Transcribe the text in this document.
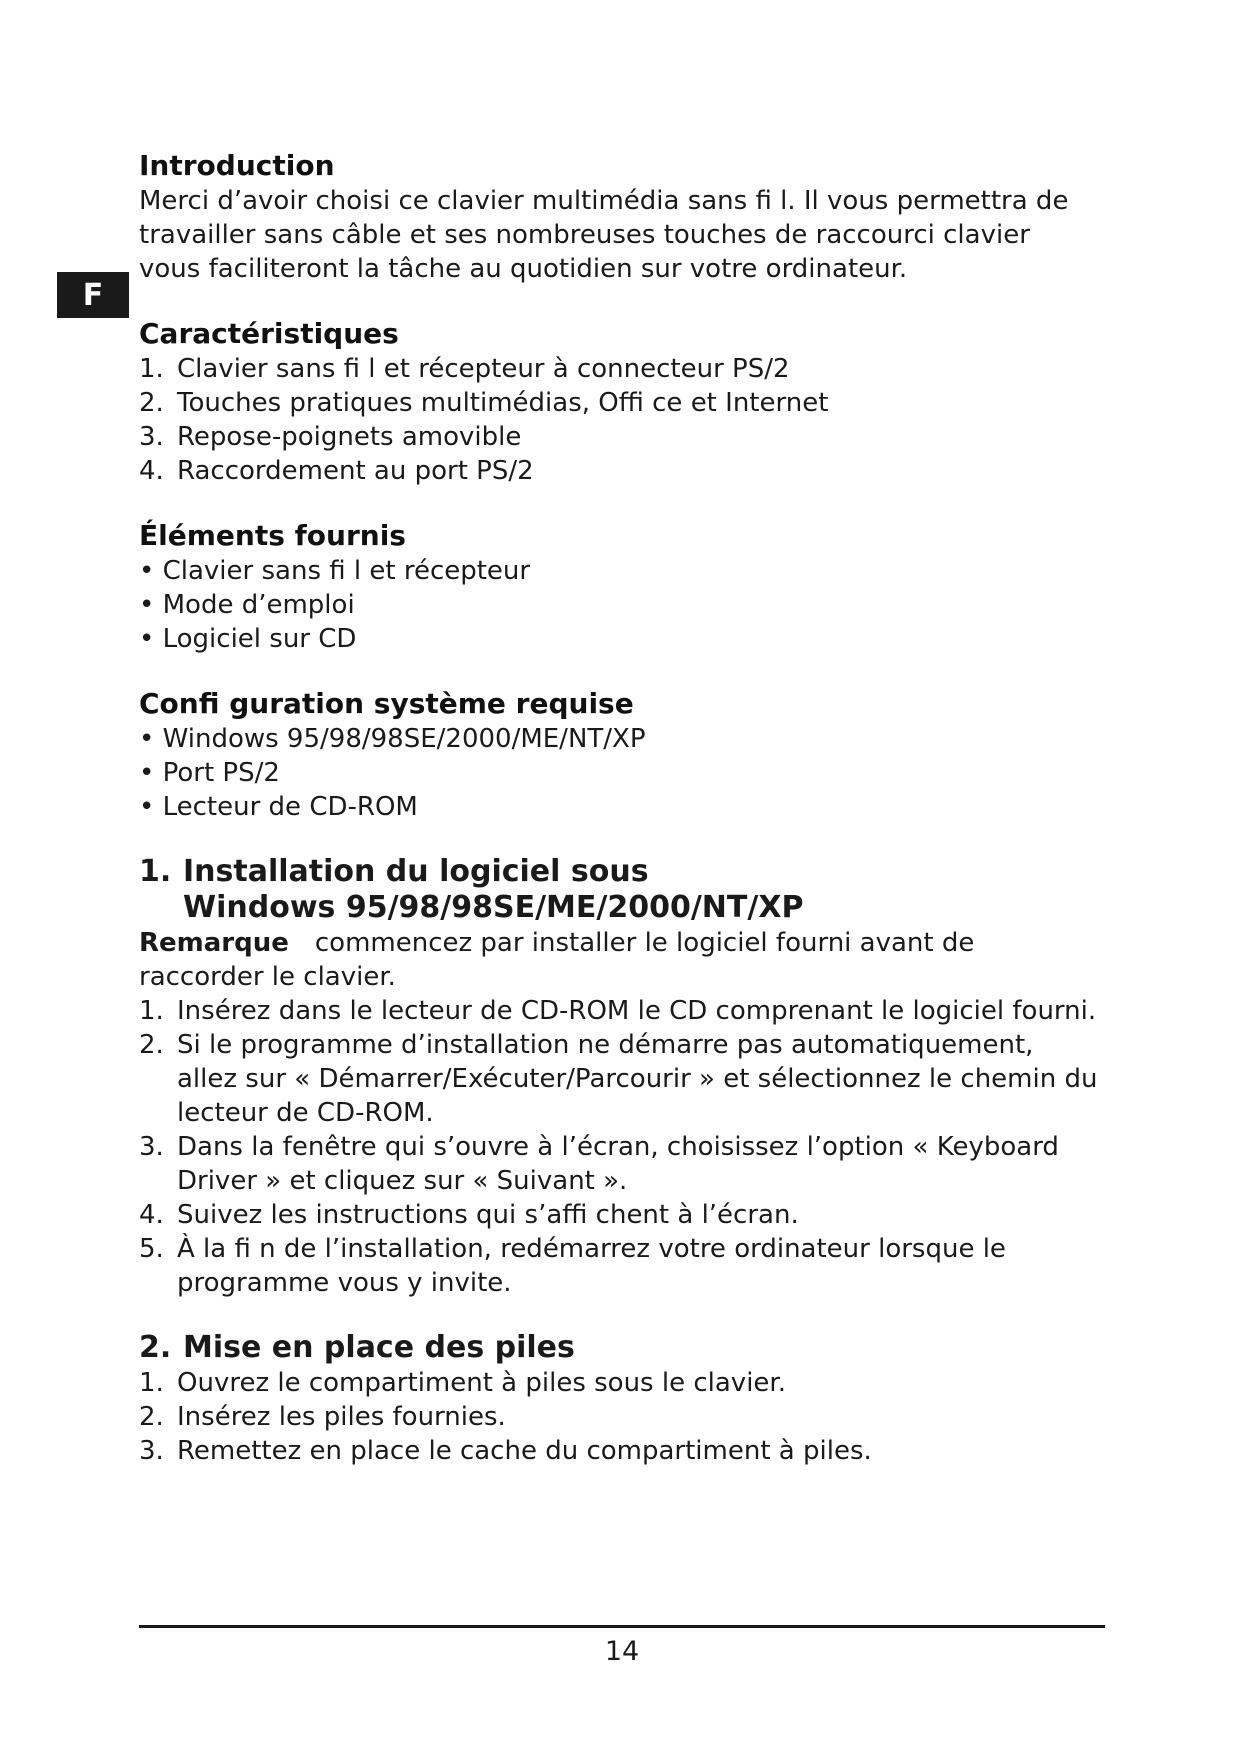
F
Introduction

Merci d’avoir choisi ce clavier multimédia sans fi l. Il vous permettra de travailler sans câble et ses nombreuses touches de raccourci clavier vous faciliteront la tâche au quotidien sur votre ordinateur.

Caractéristiques
1. Clavier sans fi l et récepteur à connecteur PS/2
2. Touches pratiques multimédias, Offi ce et Internet
3. Repose-poignets amovible
4. Raccordement au port PS/2
Éléments fournis
• Clavier sans fi l et récepteur
• Mode d’emploi
• Logiciel sur CD
Confi guration système requise
• Windows 95/98/98SE/2000/ME/NT/XP
• Port PS/2
• Lecteur de CD-ROM
1. Installation du logiciel sous
Windows 95/98/98SE/ME/2000/NT/XP

Remarque commencez par installer le logiciel fourni avant de raccorder le clavier.

1. Insérez dans le lecteur de CD-ROM le CD comprenant le logiciel fourni.
2. Si le programme d’installation ne démarre pas automatiquement, allez sur « Démarrer/Exécuter/Parcourir » et sélectionnez le chemin du lecteur de CD-ROM.
3. Dans la fenêtre qui s’ouvre à l’écran, choisissez l’option « Keyboard Driver » et cliquez sur « Suivant ».
4. Suivez les instructions qui s’affi chent à l’écran.
5. À la fi n de l’installation, redémarrez votre ordinateur lorsque le programme vous y invite.
2. Mise en place des piles
1. Ouvrez le compartiment à piles sous le clavier.
2. Insérez les piles fournies.
3. Remettez en place le cache du compartiment à piles.
14
